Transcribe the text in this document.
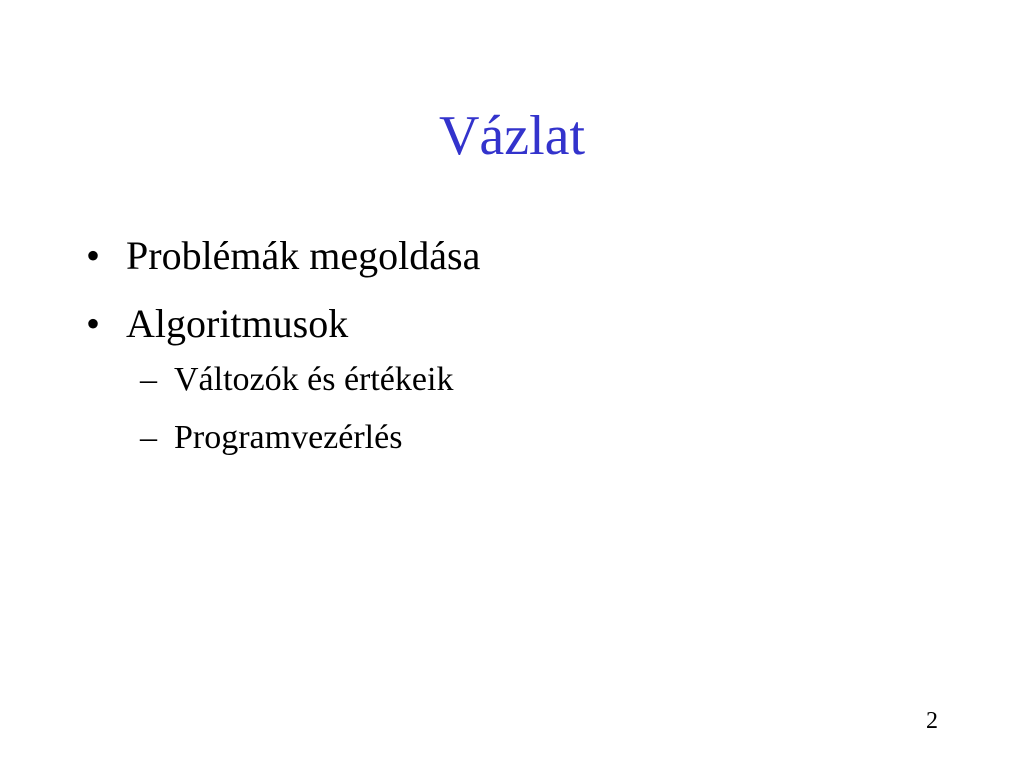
Vázlat
• Problémák megoldása
• Algoritmusok
– Változók és értékeik
– Programvezérlés
2
